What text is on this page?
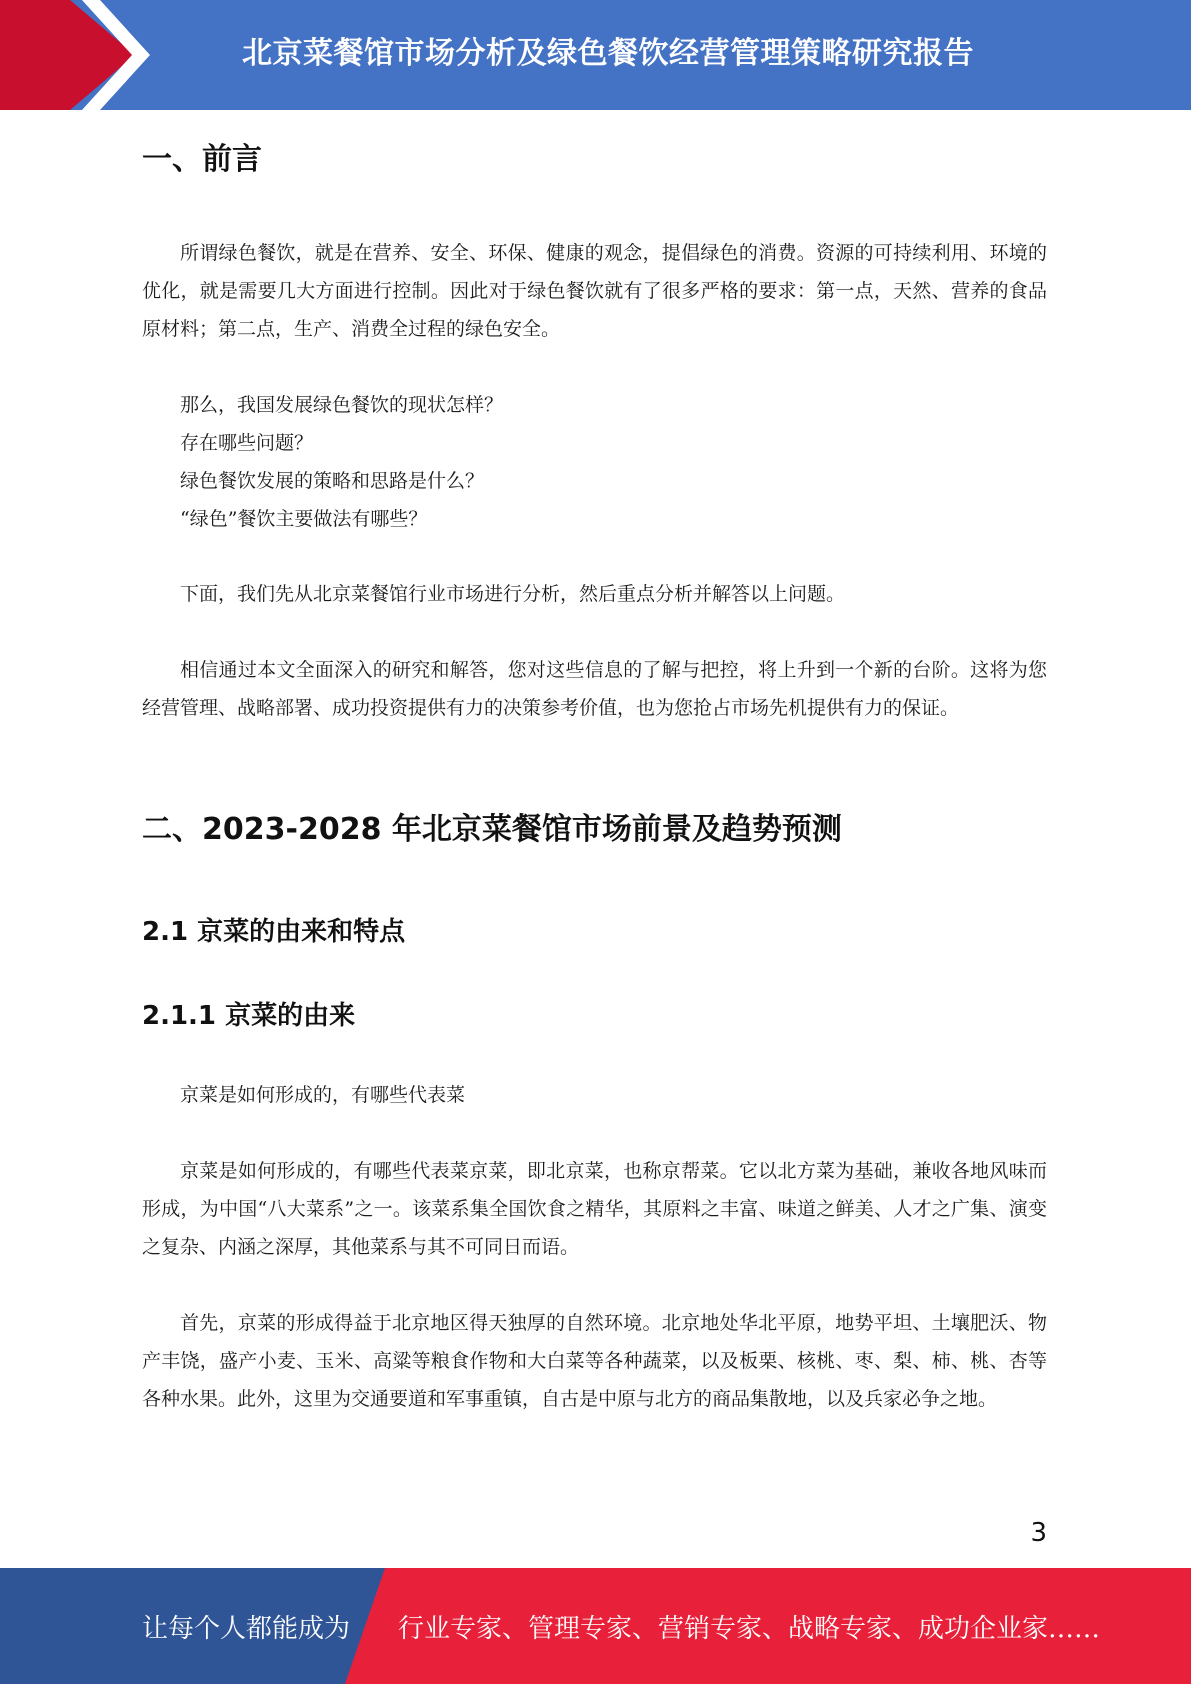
北京菜餐馆市场分析及绿色餐饮经营管理策略研究报告
一、前言

所谓绿色餐饮，就是在营养、安全、环保、健康的观念，提倡绿色的消费。资源的可持续利用、环境的优化，就是需要几大方面进行控制。因此对于绿色餐饮就有了很多严格的要求：第一点，天然、营养的食品原材料；第二点，生产、消费全过程的绿色安全。

那么，我国发展绿色餐饮的现状怎样？

存在哪些问题？

绿色餐饮发展的策略和思路是什么？

“绿色”餐饮主要做法有哪些？

下面，我们先从北京菜餐馆行业市场进行分析，然后重点分析并解答以上问题。

相信通过本文全面深入的研究和解答，您对这些信息的了解与把控，将上升到一个新的台阶。这将为您经营管理、战略部署、成功投资提供有力的决策参考价值，也为您抢占市场先机提供有力的保证。

二、2023-2028 年北京菜餐馆市场前景及趋势预测
2.1 京菜的由来和特点
2.1.1 京菜的由来

京菜是如何形成的，有哪些代表菜

京菜是如何形成的，有哪些代表菜京菜，即北京菜，也称京帮菜。它以北方菜为基础，兼收各地风味而形成，为中国“八大菜系”之一。该菜系集全国饮食之精华，其原料之丰富、味道之鲜美、人才之广集、演变之复杂、内涵之深厚，其他菜系与其不可同日而语。

首先，京菜的形成得益于北京地区得天独厚的自然环境。北京地处华北平原，地势平坦、土壤肥沃、物产丰饶，盛产小麦、玉米、高粱等粮食作物和大白菜等各种蔬菜，以及板栗、核桃、枣、梨、柿、桃、杏等各种水果。此外，这里为交通要道和军事重镇，自古是中原与北方的商品集散地，以及兵家必争之地。

3
让每个人都能成为 行业专家、管理专家、营销专家、战略专家、成功企业家……
